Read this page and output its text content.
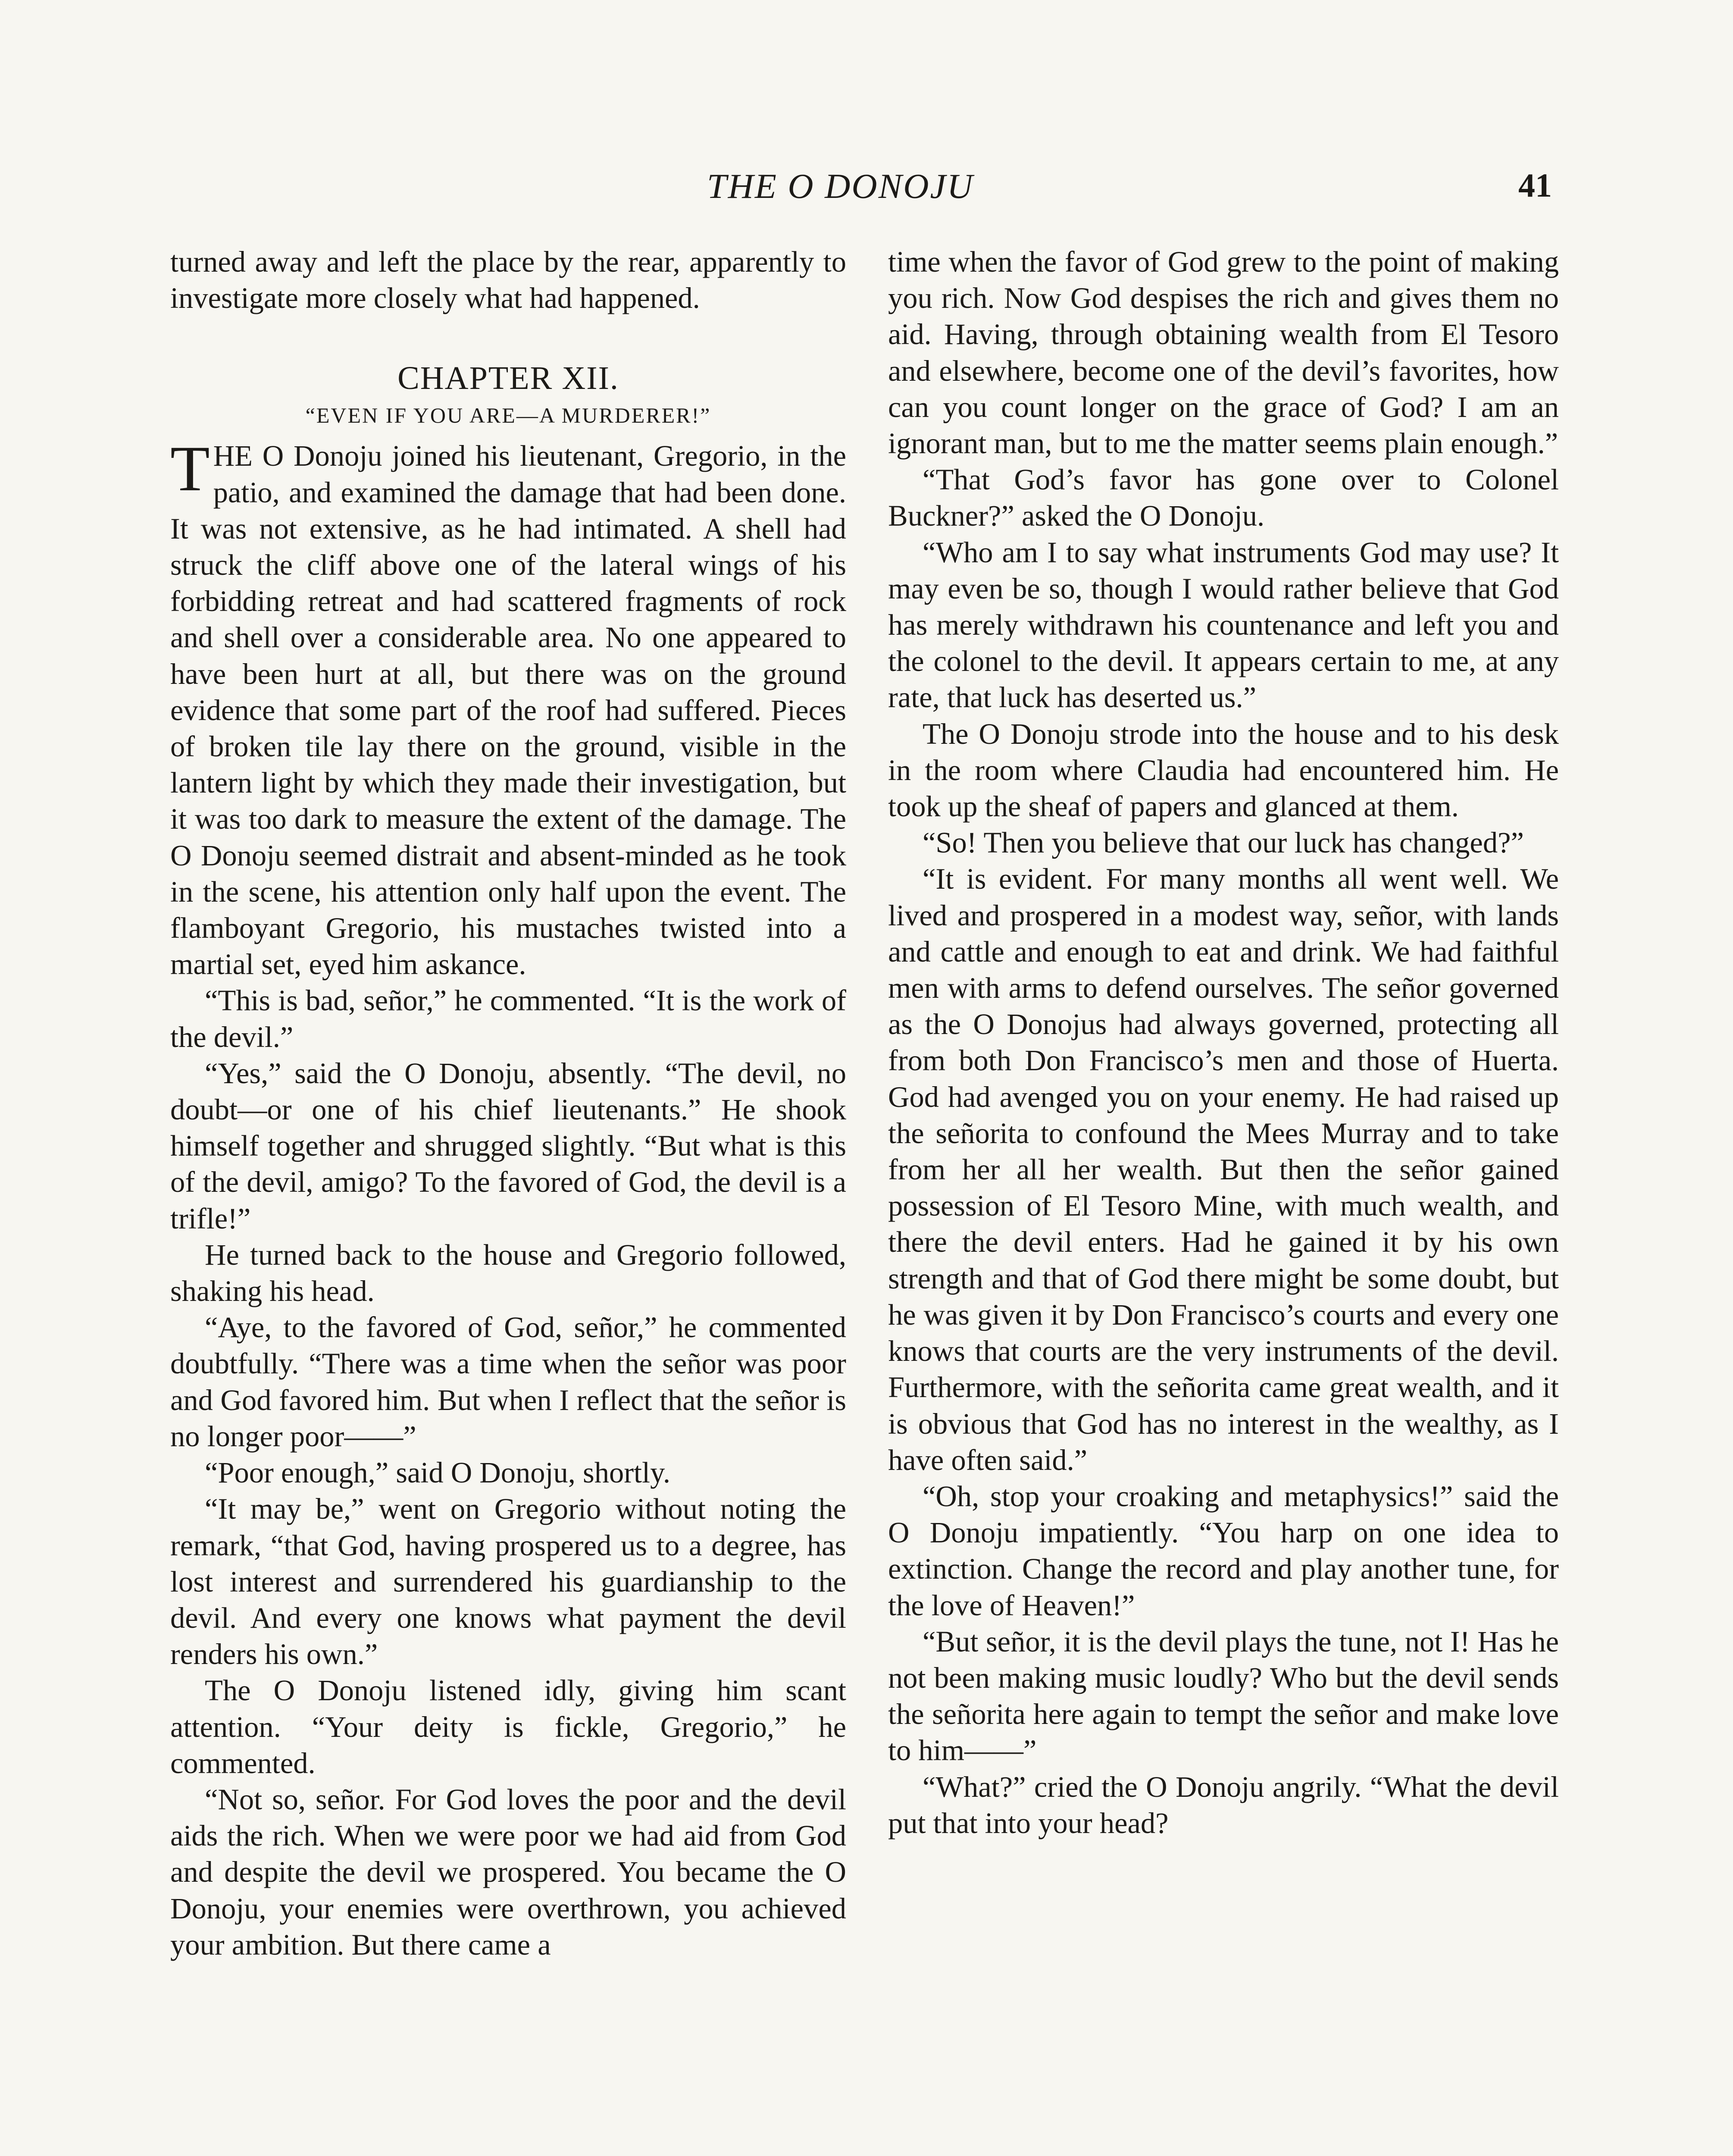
THE O DONOJU	41

turned away and left the place by the rear, apparently to investigate more closely what had happened.

CHAPTER XII.
“EVEN IF YOU ARE—A MURDERER!”

THE O Donoju joined his lieutenant, Gregorio, in the patio, and examined the damage that had been done. It was not extensive, as he had intimated. A shell had struck the cliff above one of the lateral wings of his forbidding retreat and had scattered fragments of rock and shell over a considerable area. No one appeared to have been hurt at all, but there was on the ground evidence that some part of the roof had suffered. Pieces of broken tile lay there on the ground, visible in the lantern light by which they made their investigation, but it was too dark to measure the extent of the damage. The O Donoju seemed distrait and absent-minded as he took in the scene, his attention only half upon the event. The flamboyant Gregorio, his mustaches twisted into a martial set, eyed him askance.

“This is bad, señor,” he commented. “It is the work of the devil.”

“Yes,” said the O Donoju, absently. “The devil, no doubt—or one of his chief lieutenants.” He shook himself together and shrugged slightly. “But what is this of the devil, amigo? To the favored of God, the devil is a trifle!”

He turned back to the house and Gregorio followed, shaking his head.

“Aye, to the favored of God, señor,” he commented doubtfully. “There was a time when the señor was poor and God favored him. But when I reflect that the señor is no longer poor——”

“Poor enough,” said O Donoju, shortly.

“It may be,” went on Gregorio without noting the remark, “that God, having prospered us to a degree, has lost interest and surrendered his guardianship to the devil. And every one knows what payment the devil renders his own.”

The O Donoju listened idly, giving him scant attention. “Your deity is fickle, Gregorio,” he commented.

“Not so, señor. For God loves the poor and the devil aids the rich. When we were poor we had aid from God and despite the devil we prospered. You became the O Donoju, your enemies were overthrown, you achieved your ambition. But there came a

time when the favor of God grew to the point of making you rich. Now God despises the rich and gives them no aid. Having, through obtaining wealth from El Tesoro and elsewhere, become one of the devil’s favorites, how can you count longer on the grace of God? I am an ignorant man, but to me the matter seems plain enough.”

“That God’s favor has gone over to Colonel Buckner?” asked the O Donoju.

“Who am I to say what instruments God may use? It may even be so, though I would rather believe that God has merely withdrawn his countenance and left you and the colonel to the devil. It appears certain to me, at any rate, that luck has deserted us.”

The O Donoju strode into the house and to his desk in the room where Claudia had encountered him. He took up the sheaf of papers and glanced at them.

“So! Then you believe that our luck has changed?”

“It is evident. For many months all went well. We lived and prospered in a modest way, señor, with lands and cattle and enough to eat and drink. We had faithful men with arms to defend ourselves. The señor governed as the O Donojus had always governed, protecting all from both Don Francisco’s men and those of Huerta. God had avenged you on your enemy. He had raised up the señorita to confound the Mees Murray and to take from her all her wealth. But then the señor gained possession of El Tesoro Mine, with much wealth, and there the devil enters. Had he gained it by his own strength and that of God there might be some doubt, but he was given it by Don Francisco’s courts and every one knows that courts are the very instruments of the devil. Furthermore, with the señorita came great wealth, and it is obvious that God has no interest in the wealthy, as I have often said.”

“Oh, stop your croaking and metaphysics!” said the O Donoju impatiently. “You harp on one idea to extinction. Change the record and play another tune, for the love of Heaven!”

“But señor, it is the devil plays the tune, not I! Has he not been making music loudly? Who but the devil sends the señorita here again to tempt the señor and make love to him——”

“What?” cried the O Donoju angrily. “What the devil put that into your head?
